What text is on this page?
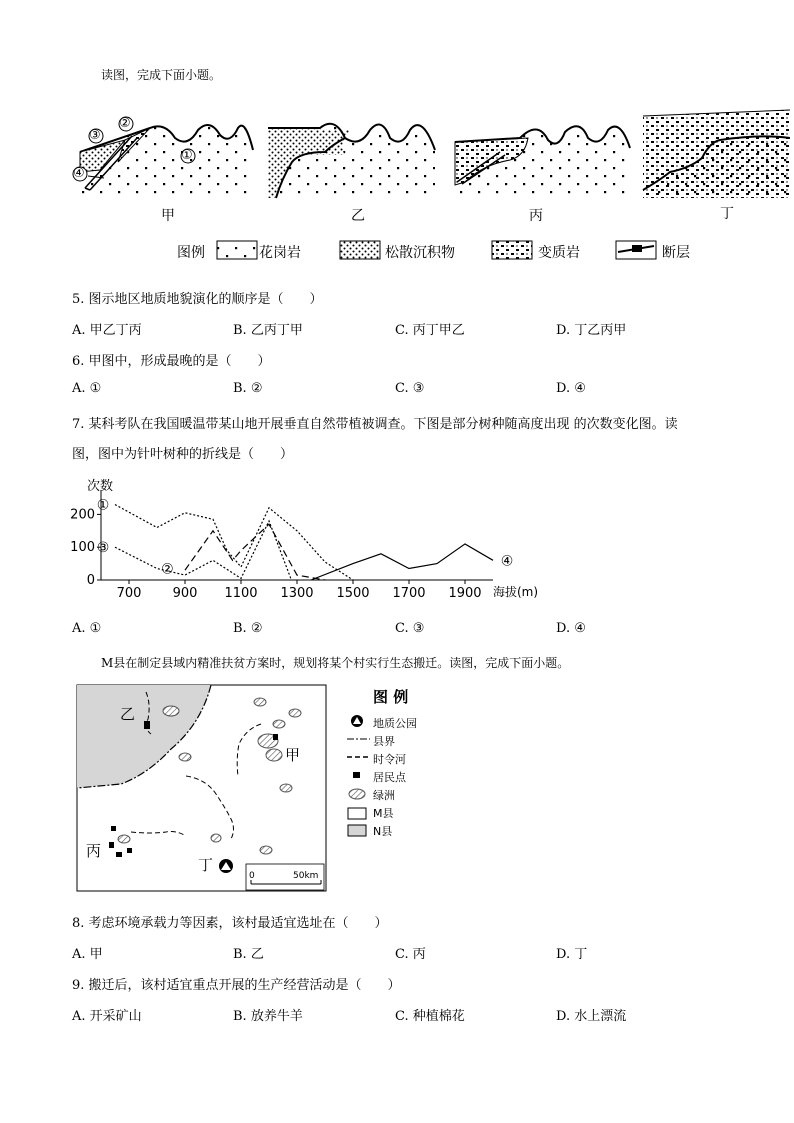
读图，完成下面小题。
③
②
①
④
甲	乙	丙	丁
图例	花岗岩	松散沉积物	变质岩	断层
5. 图示地区地质地貌演化的顺序是（　　）
A. 甲乙丁丙	B. 乙丙丁甲	C. 丙丁甲乙	D. 丁乙丙甲
6. 甲图中，形成最晚的是（　　）
A. ①	B. ②	C. ③	D. ④
7. 某科考队在我国暖温带某山地开展垂直自然带植被调查。下图是部分树种随高度出现 的次数变化图。读
图，图中为针叶树种的折线是（　　）
次数
海拔(m)
0
100
200
700 900 1100 1300 1500 1700 1900
①
②
③
④
A. ①	B. ②	C. ③	D. ④
M县在制定县域内精准扶贫方案时，规划将某个村实行生态搬迁。读图，完成下面小题。
0	50km
乙
甲
丙
丁
图 例
地质公园
县界
时令河
居民点
绿洲
M县
N县
8. 考虑环境承载力等因素，该村最适宜选址在（　　）
A. 甲	B. 乙	C. 丙	D. 丁
9. 搬迁后，该村适宜重点开展的生产经营活动是（　　）
A. 开采矿山	B. 放养牛羊	C. 种植棉花	D. 水上漂流
